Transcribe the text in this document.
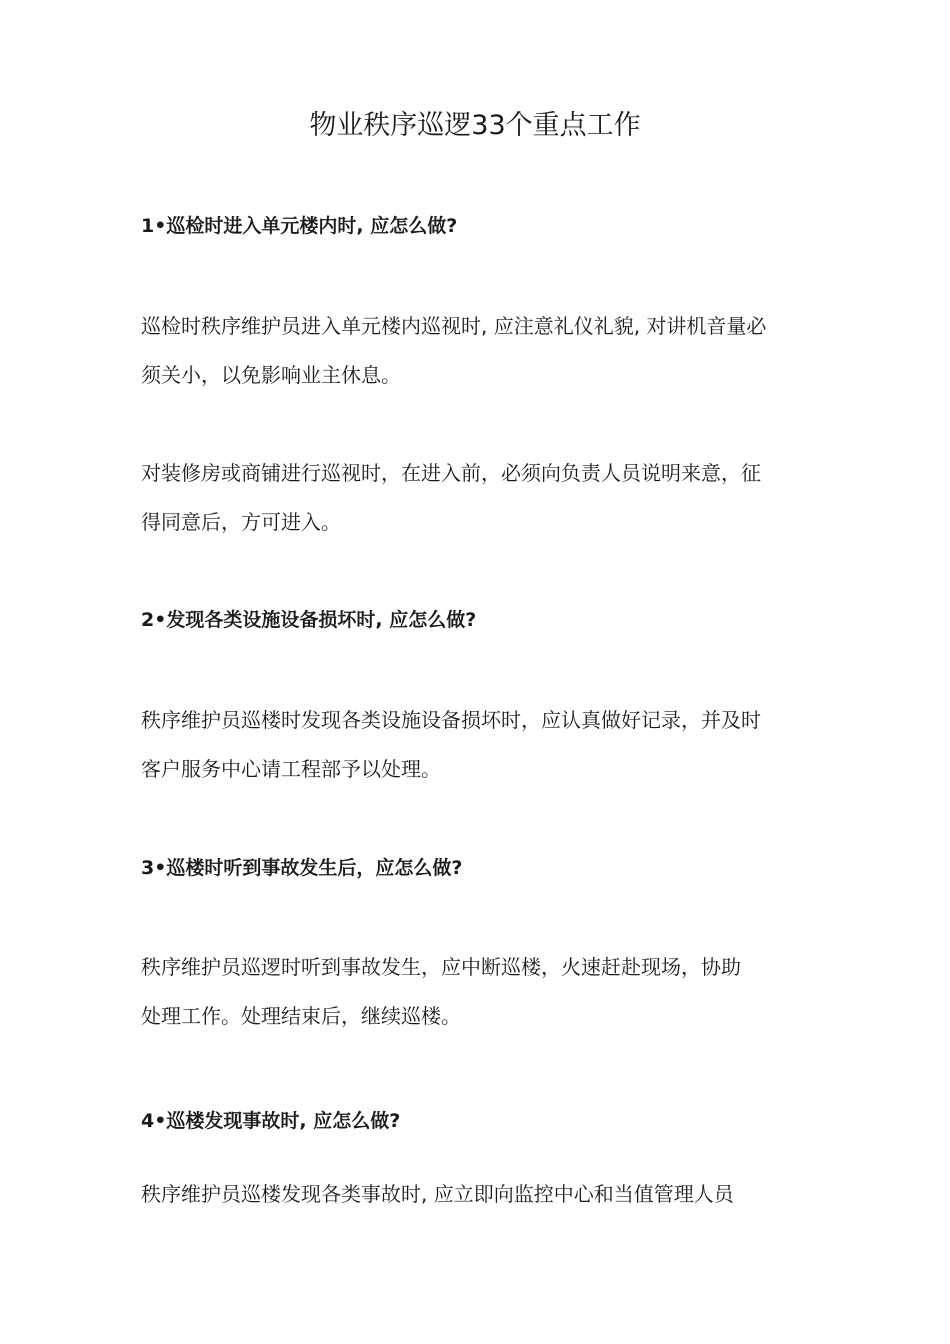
物业秩序巡逻33个重点工作
1•巡检时进入单元楼内时, 应怎么做?
巡检时秩序维护员进入单元楼内巡视时, 应注意礼仪礼貌, 对讲机音量必
须关小，以免影响业主休息。
对装修房或商铺进行巡视时，在进入前，必须向负责人员说明来意，征
得同意后，方可进入。
2•发现各类设施设备损坏时, 应怎么做?
秩序维护员巡楼时发现各类设施设备损坏时，应认真做好记录，并及时
客户服务中心请工程部予以处理。
3•巡楼时听到事故发生后，应怎么做?
秩序维护员巡逻时听到事故发生，应中断巡楼，火速赶赴现场，协助
处理工作。处理结束后，继续巡楼。
4•巡楼发现事故时, 应怎么做?
秩序维护员巡楼发现各类事故时, 应立即向监控中心和当值管理人员
